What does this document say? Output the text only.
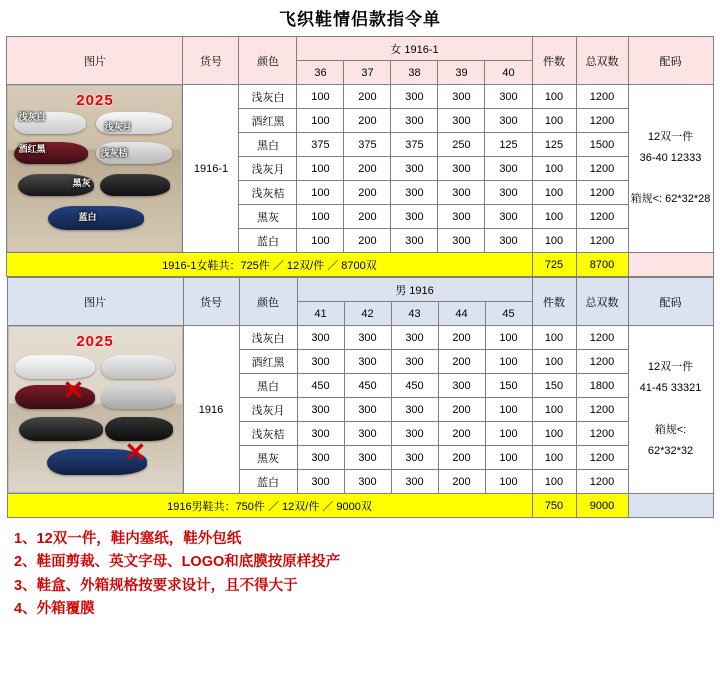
飞织鞋情侣款指令单
图片	货号	颜色	女 1916-1					件数	总双数	配码
			36	37	38	39	40			

2025
浅灰白
浅灰月
酒红黑	浅灰桔
黑灰
蓝白
	1916-1	浅灰白	100	200	300	300	300	100	1200	12双一件
36-40 12333

箱规<: 62*32*28
		酒红黑	100	200	300	300	300	100	1200	
		黑白	375	375	375	250	125	125	1500	
		浅灰月	100	200	300	300	300	100	1200	
		浅灰桔	100	200	300	300	300	100	1200	
		黑灰	100	200	300	300	300	100	1200	
		蓝白	100	200	300	300	300	100	1200	
1916-1女鞋共：725件 ／ 12双/件 ／ 8700双								725	8700	
图片	货号	颜色	男 1916					件数	总双数	配码
			41	42	43	44	45			

2025
✕
✕
	1916	浅灰白	300	300	300	200	100	100	1200	12双一件
41-45 33321

箱规<:
62*32*32
		酒红黑	300	300	300	200	100	100	1200	
		黑白	450	450	450	300	150	150	1800	
		浅灰月	300	300	300	200	100	100	1200	
		浅灰桔	300	300	300	200	100	100	1200	
		黑灰	300	300	300	200	100	100	1200	
		蓝白	300	300	300	200	100	100	1200	
1916男鞋共：750件 ／ 12双/件 ／ 9000双								750	9000	
1、12双一件，鞋内塞纸，鞋外包纸
2、鞋面剪裁、英文字母、LOGO和底膜按原样投产
3、鞋盒、外箱规格按要求设计，且不得大于
4、外箱覆膜
